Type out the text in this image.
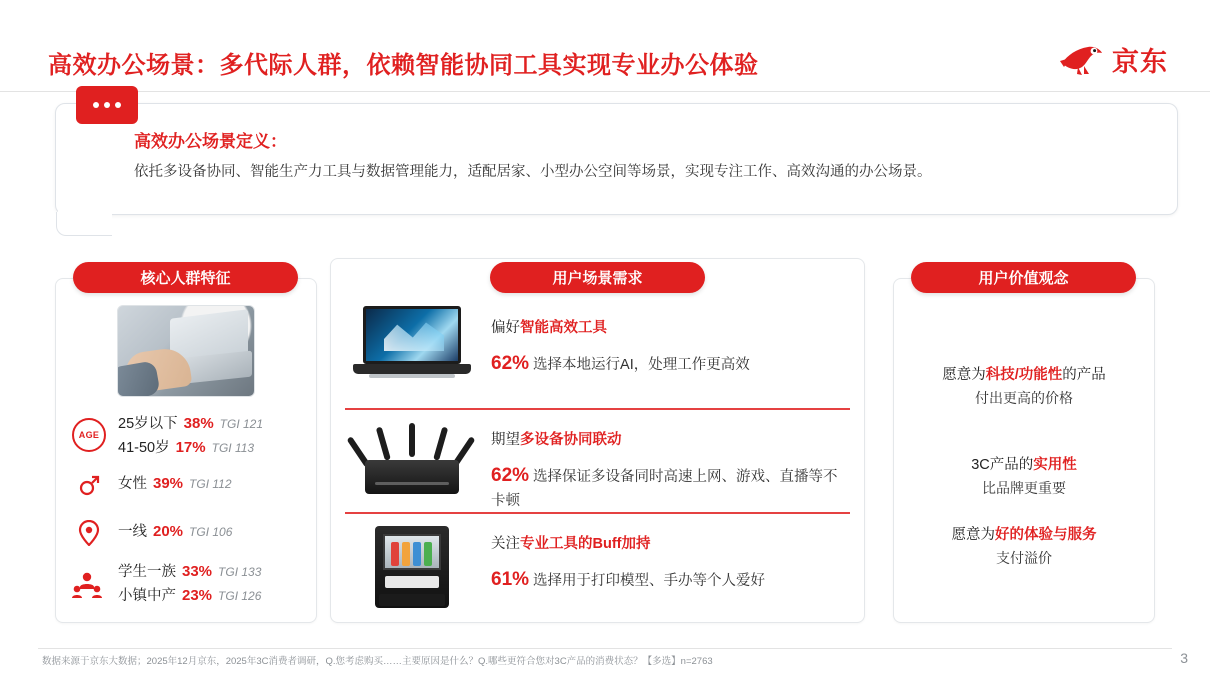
高效办公场景：多代际人群，依赖智能协同工具实现专业办公体验	京东
高效办公场景定义：
依托多设备协同、智能生产力工具与数据管理能力，适配居家、小型办公空间等场景，实现专注工作、高效沟通的办公场景。
核心人群特征	用户场景需求	用户价值观念
AGE
25岁以下 38% TGI 121
41-50岁 17% TGI 113
女性 39% TGI 112
一线 20% TGI 106
学生一族 33% TGI 133
小镇中产 23% TGI 126
偏好智能高效工具
62% 选择本地运行AI，处理工作更高效
期望多设备协同联动
62% 选择保证多设备同时高速上网、游戏、直播等不卡顿
关注专业工具的Buff加持
61% 选择用于打印模型、手办等个人爱好
愿意为科技/功能性的产品
付出更高的价格
3C产品的实用性
比品牌更重要
愿意为好的体验与服务
支付溢价
数据来源于京东大数据；2025年12月京东，2025年3C消费者调研，Q.您考虑购买……主要原因是什么？Q.哪些更符合您对3C产品的消费状态？【多选】n=2763	3
